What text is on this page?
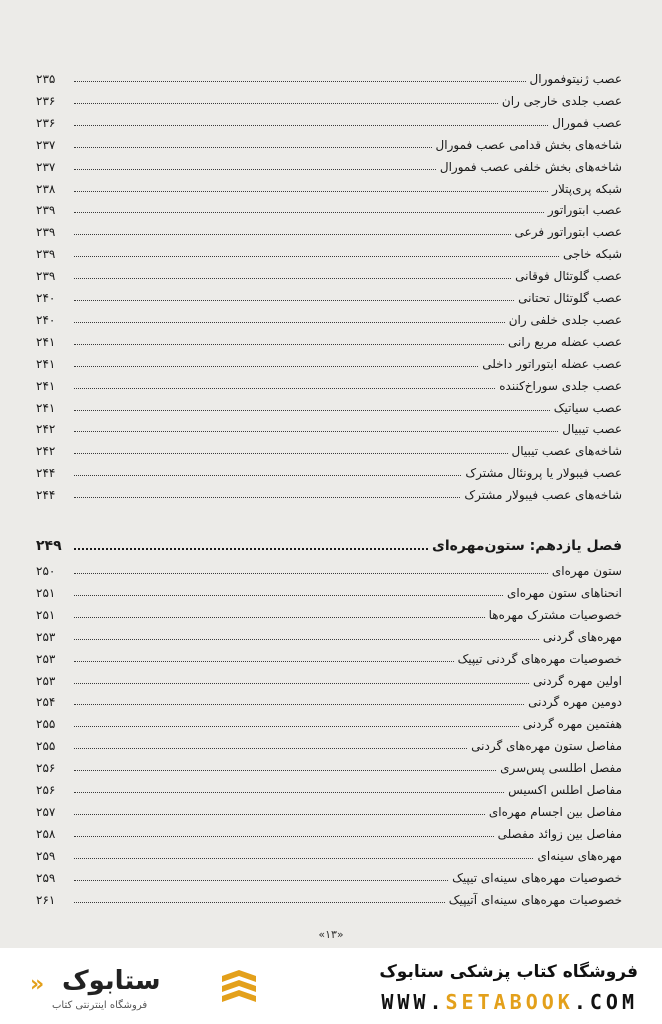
عصب ژنیتوفمورال
۲۳۵
عصب جلدی خارجی ران
۲۳۶
عصب فمورال
۲۳۶
شاخه‌های بخش قدامی عصب فمورال
۲۳۷
شاخه‌های بخش خلفی عصب فمورال
۲۳۷
شبکه پری‌پتلار
۲۳۸
عصب ابتوراتور
۲۳۹
عصب ابتوراتور فرعی
۲۳۹
شبکه خاجی
۲۳۹
عصب گلوتئال فوقانی
۲۳۹
عصب گلوتئال تحتانی
۲۴۰
عصب جلدی خلفی ران
۲۴۰
عصب عضله مربع رانی
۲۴۱
عصب عضله ابتوراتور داخلی
۲۴۱
عصب جلدی سوراخ‌کننده
۲۴۱
عصب سیاتیک
۲۴۱
عصب تیبیال
۲۴۲
شاخه‌های عصب تیبیال
۲۴۲
عصب فیبولار یا پرونئال مشترک
۲۴۴
شاخه‌های عصب فیبولار مشترک
۲۴۴
فصل یازدهم: ستون‌مهره‌ای
۲۴۹
ستون مهره‌ای
۲۵۰
انحناهای ستون مهره‌ای
۲۵۱
خصوصیات مشترک مهره‌ها
۲۵۱
مهره‌های گردنی
۲۵۳
خصوصیات مهره‌های گردنی تیپیک
۲۵۳
اولین مهره گردنی
۲۵۳
دومین مهره گردنی
۲۵۴
هفتمین مهره گردنی
۲۵۵
مفاصل ستون مهره‌های گردنی
۲۵۵
مفصل اطلسی پس‌سری
۲۵۶
مفاصل اطلس اکسیس
۲۵۶
مفاصل بین اجسام مهره‌ای
۲۵۷
مفاصل بین زوائد مفصلی
۲۵۸
مهره‌های سینه‌ای
۲۵۹
خصوصیات مهره‌های سینه‌ای تیپیک
۲۵۹
خصوصیات مهره‌های سینه‌ای آتیپیک
۲۶۱
«۱۳»
» ستابوک
فروشگاه اینترنتی کتاب
فروشگاه کتاب پزشکی ستابوک
WWW.SETABOOK.COM
